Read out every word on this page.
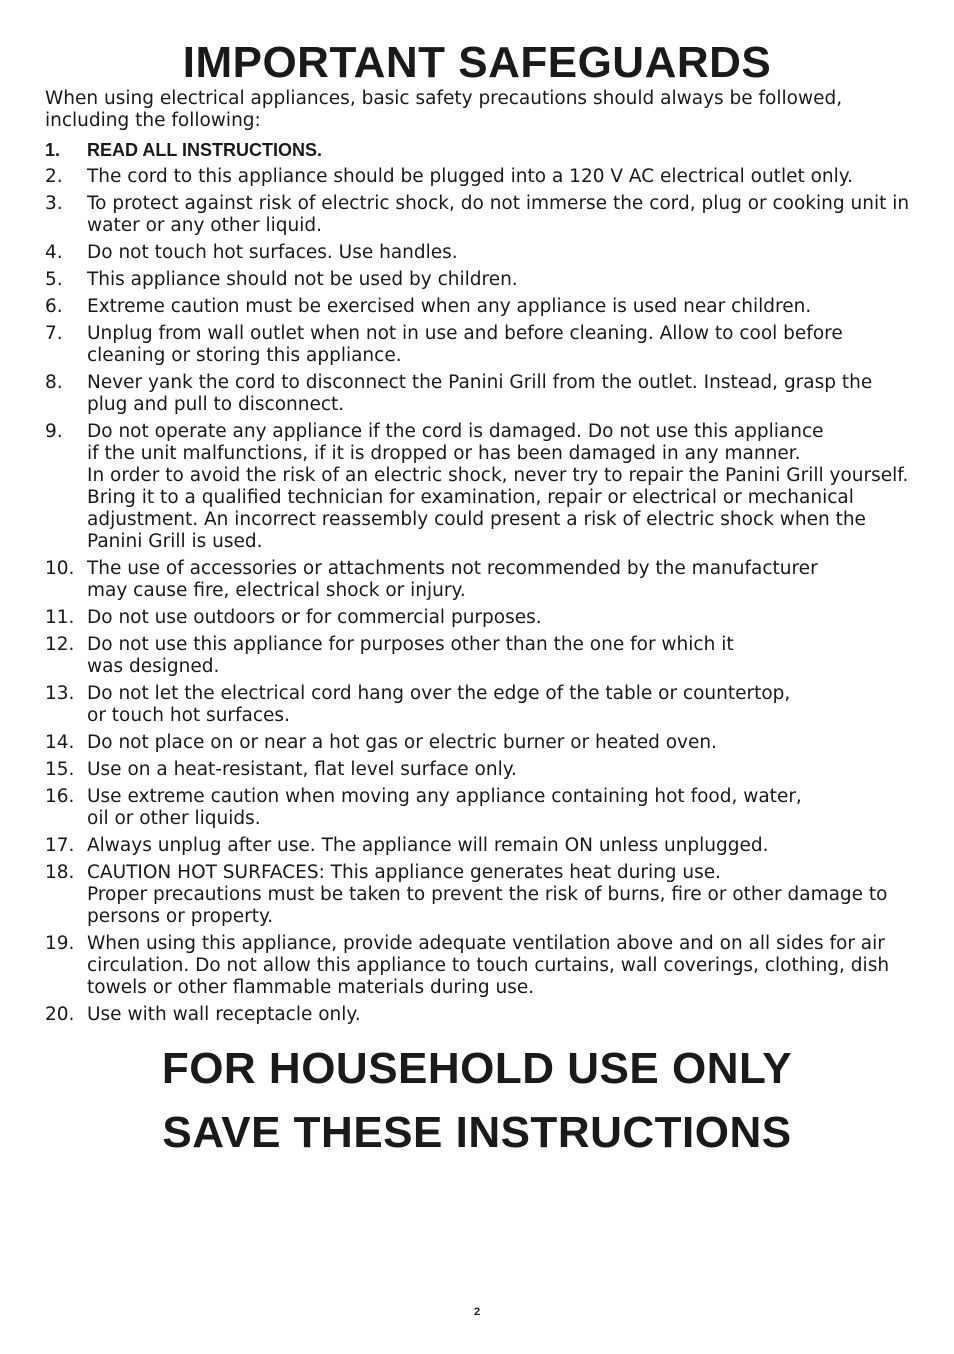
IMPORTANT SAFEGUARDS

When using electrical appliances, basic safety precautions should always be followed, including the following:

1.	READ ALL INSTRUCTIONS.
2.	The cord to this appliance should be plugged into a 120 V AC electrical outlet only.
3.	To protect against risk of electric shock, do not immerse the cord, plug or cooking unit in water or any other liquid.
4.	Do not touch hot surfaces. Use handles.
5.	This appliance should not be used by children.
6.	Extreme caution must be exercised when any appliance is used near children.
7.	Unplug from wall outlet when not in use and before cleaning. Allow to cool before cleaning or storing this appliance.
8.	Never yank the cord to disconnect the Panini Grill from the outlet. Instead, grasp the plug and pull to disconnect.
9.	Do not operate any appliance if the cord is damaged. Do not use this appliance
if the unit malfunctions, if it is dropped or has been damaged in any manner.
In order to avoid the risk of an electric shock, never try to repair the Panini Grill yourself. Bring it to a qualified technician for examination, repair or electrical or mechanical adjustment. An incorrect reassembly could present a risk of electric shock when the Panini Grill is used.
10. The use of accessories or attachments not recommended by the manufacturer
may cause fire, electrical shock or injury.
11. Do not use outdoors or for commercial purposes.
12. Do not use this appliance for purposes other than the one for which it
was designed.
13. Do not let the electrical cord hang over the edge of the table or countertop,
or touch hot surfaces.
14. Do not place on or near a hot gas or electric burner or heated oven.
15. Use on a heat-resistant, flat level surface only.
16. Use extreme caution when moving any appliance containing hot food, water,
oil or other liquids.
17. Always unplug after use. The appliance will remain ON unless unplugged.
18. CAUTION HOT SURFACES: This appliance generates heat during use.
Proper precautions must be taken to prevent the risk of burns, fire or other damage to persons or property.
19. When using this appliance, provide adequate ventilation above and on all sides for air circulation. Do not allow this appliance to touch curtains, wall coverings, clothing, dish towels or other flammable materials during use.
20. Use with wall receptacle only.
FOR HOUSEHOLD USE ONLY
SAVE THESE INSTRUCTIONS
2
